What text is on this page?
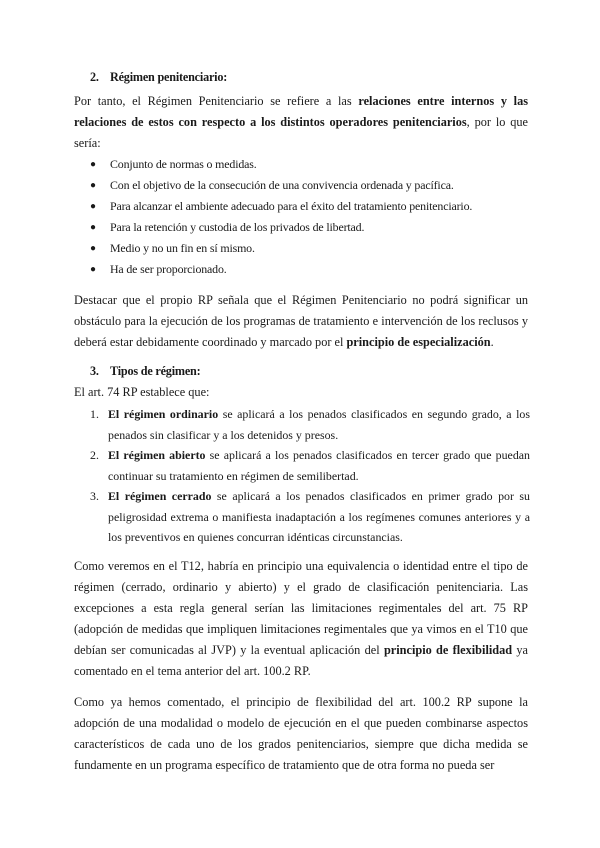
2. Régimen penitenciario:
Por tanto, el Régimen Penitenciario se refiere a las relaciones entre internos y las relaciones de estos con respecto a los distintos operadores penitenciarios, por lo que sería:
● Conjunto de normas o medidas.
● Con el objetivo de la consecución de una convivencia ordenada y pacífica.
● Para alcanzar el ambiente adecuado para el éxito del tratamiento penitenciario.
● Para la retención y custodia de los privados de libertad.
● Medio y no un fin en sí mismo.
● Ha de ser proporcionado.
Destacar que el propio RP señala que el Régimen Penitenciario no podrá significar un obstáculo para la ejecución de los programas de tratamiento e intervención de los reclusos y deberá estar debidamente coordinado y marcado por el principio de especialización.
3. Tipos de régimen:
El art. 74 RP establece que:
1. El régimen ordinario se aplicará a los penados clasificados en segundo grado, a los penados sin clasificar y a los detenidos y presos.
2. El régimen abierto se aplicará a los penados clasificados en tercer grado que puedan continuar su tratamiento en régimen de semilibertad.
3. El régimen cerrado se aplicará a los penados clasificados en primer grado por su peligrosidad extrema o manifiesta inadaptación a los regímenes comunes anteriores y a los preventivos en quienes concurran idénticas circunstancias.
Como veremos en el T12, habría en principio una equivalencia o identidad entre el tipo de régimen (cerrado, ordinario y abierto) y el grado de clasificación penitenciaria. Las excepciones a esta regla general serían las limitaciones regimentales del art. 75 RP (adopción de medidas que impliquen limitaciones regimentales que ya vimos en el T10 que debían ser comunicadas al JVP) y la eventual aplicación del principio de flexibilidad ya comentado en el tema anterior del art. 100.2 RP.
Como ya hemos comentado, el principio de flexibilidad del art. 100.2 RP supone la adopción de una modalidad o modelo de ejecución en el que pueden combinarse aspectos característicos de cada uno de los grados penitenciarios, siempre que dicha medida se fundamente en un programa específico de tratamiento que de otra forma no pueda ser
